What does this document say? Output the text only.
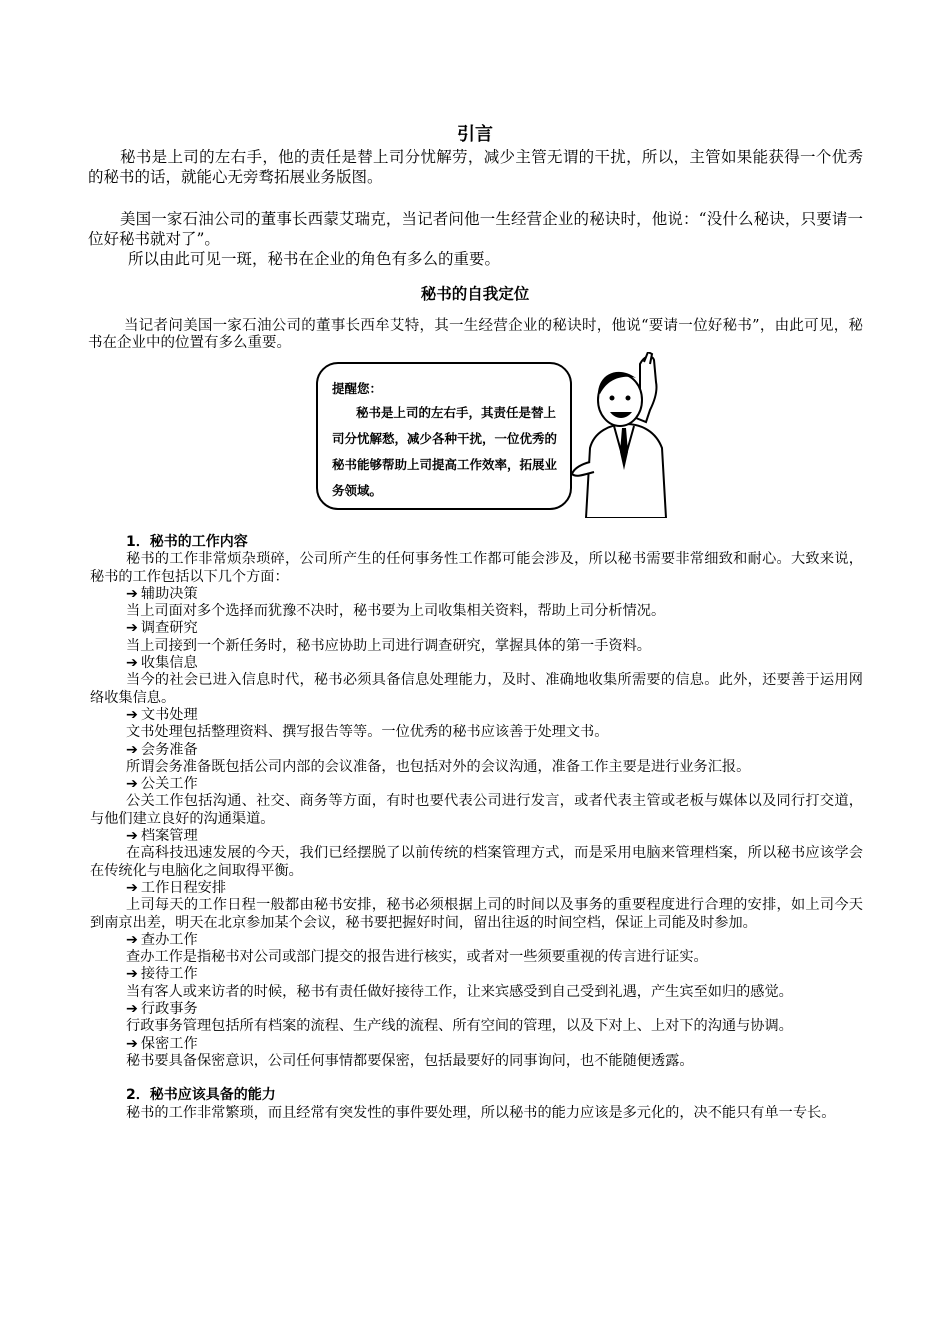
引言

秘书是上司的左右手，他的责任是替上司分忧解劳，减少主管无谓的干扰，所以，主管如果能获得一个优秀的秘书的话，就能心无旁骛拓展业务版图。

美国一家石油公司的董事长西蒙艾瑞克，当记者问他一生经营企业的秘诀时，他说：“没什么秘诀，只要请一位好秘书就对了”。

所以由此可见一斑，秘书在企业的角色有多么的重要。

秘书的自我定位

当记者问美国一家石油公司的董事长西牟艾特，其一生经营企业的秘诀时，他说“要请一位好秘书”，由此可见，秘书在企业中的位置有多么重要。

提醒您：
秘书是上司的左右手，其责任是替上司分忧解愁，减少各种干扰，一位优秀的秘书能够帮助上司提高工作效率，拓展业务领域。

1．秘书的工作内容

秘书的工作非常烦杂琐碎，公司所产生的任何事务性工作都可能会涉及，所以秘书需要非常细致和耐心。大致来说，秘书的工作包括以下几个方面：

➔ 辅助决策

当上司面对多个选择而犹豫不决时，秘书要为上司收集相关资料，帮助上司分析情况。

➔ 调查研究

当上司接到一个新任务时，秘书应协助上司进行调查研究，掌握具体的第一手资料。

➔ 收集信息

当今的社会已进入信息时代，秘书必须具备信息处理能力，及时、准确地收集所需要的信息。此外，还要善于运用网络收集信息。

➔ 文书处理

文书处理包括整理资料、撰写报告等等。一位优秀的秘书应该善于处理文书。

➔ 会务准备

所谓会务准备既包括公司内部的会议准备，也包括对外的会议沟通，准备工作主要是进行业务汇报。

➔ 公关工作

公关工作包括沟通、社交、商务等方面，有时也要代表公司进行发言，或者代表主管或老板与媒体以及同行打交道，与他们建立良好的沟通渠道。

➔ 档案管理

在高科技迅速发展的今天，我们已经摆脱了以前传统的档案管理方式，而是采用电脑来管理档案，所以秘书应该学会在传统化与电脑化之间取得平衡。

➔ 工作日程安排

上司每天的工作日程一般都由秘书安排，秘书必须根据上司的时间以及事务的重要程度进行合理的安排，如上司今天到南京出差，明天在北京参加某个会议，秘书要把握好时间，留出往返的时间空档，保证上司能及时参加。

➔ 查办工作

查办工作是指秘书对公司或部门提交的报告进行核实，或者对一些须要重视的传言进行证实。

➔ 接待工作

当有客人或来访者的时候，秘书有责任做好接待工作，让来宾感受到自己受到礼遇，产生宾至如归的感觉。

➔ 行政事务

行政事务管理包括所有档案的流程、生产线的流程、所有空间的管理，以及下对上、上对下的沟通与协调。

➔ 保密工作

秘书要具备保密意识，公司任何事情都要保密，包括最要好的同事询问，也不能随便透露。

2．秘书应该具备的能力

秘书的工作非常繁琐，而且经常有突发性的事件要处理，所以秘书的能力应该是多元化的，决不能只有单一专长。
